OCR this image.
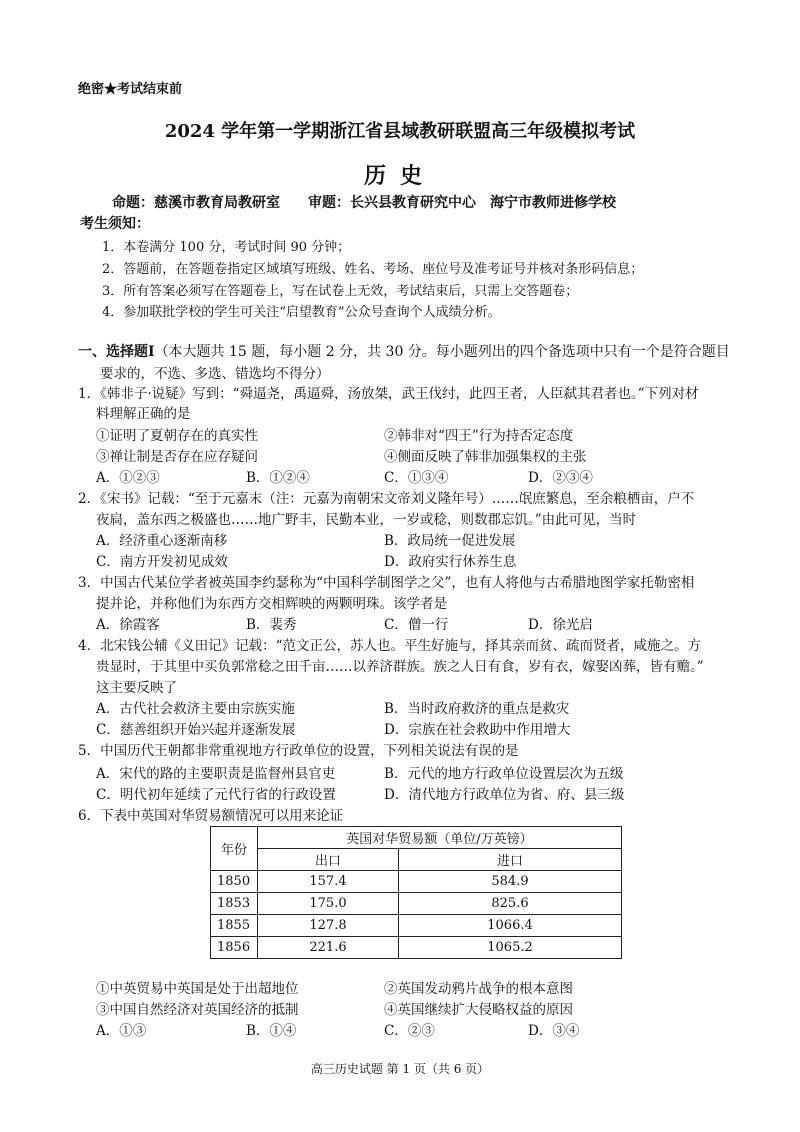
绝密★考试结束前
2024 学年第一学期浙江省县域教研联盟高三年级模拟考试
历史
命题：慈溪市教育局教研室　　审题：长兴县教育研究中心　海宁市教师进修学校
考生须知：
1．本卷满分 100 分，考试时间 90 分钟；
2．答题前，在答题卷指定区域填写班级、姓名、考场、座位号及准考证号并核对条形码信息；
3．所有答案必须写在答题卷上，写在试卷上无效，考试结束后，只需上交答题卷；
4．参加联批学校的学生可关注“启望教育”公众号查询个人成绩分析。
一、选择题Ⅰ（本大题共 15 题，每小题 2 分，共 30 分。每小题列出的四个备选项中只有一个是符合题目
要求的，不选、多选、错选均不得分）
1．《韩非子·说疑》写到：“舜逼尧，禹逼舜，汤放桀，武王伐纣，此四王者，人臣弑其君者也。”下列对材
料理解正确的是
①证明了夏朝存在的真实性	②韩非对“四王”行为持否定态度
③禅让制是否存在应存疑问	④侧面反映了韩非加强集权的主张
A．①②③	B．①②④	C．①③④	D．②③④
2．《宋书》记载：“至于元嘉末（注：元嘉为南朝宋文帝刘义隆年号）……氓庶繁息，至余粮栖亩，户不
夜扃，盖东西之极盛也……地广野丰，民勤本业，一岁或稔，则数郡忘饥。”由此可见，当时
A．经济重心逐渐南移	B．政局统一促进发展
C．南方开发初见成效	D．政府实行休养生息
3．中国古代某位学者被英国李约瑟称为“中国科学制图学之父”，也有人将他与古希腊地图学家托勒密相
提并论，并称他们为东西方交相辉映的两颗明珠。该学者是
A．徐霞客	B．裴秀	C．僧一行	D．徐光启
4．北宋钱公辅《义田记》记载：“范文正公，苏人也。平生好施与，择其亲而贫、疏而贤者，咸施之。方
贵显时，于其里中买负郭常稔之田千亩……以养济群族。族之人日有食，岁有衣，嫁娶凶葬，皆有赡。”
这主要反映了
A．古代社会救济主要由宗族实施	B．当时政府救济的重点是救灾
C．慈善组织开始兴起并逐渐发展	D．宗族在社会救助中作用增大
5．中国历代王朝都非常重视地方行政单位的设置，下列相关说法有误的是
A．宋代的路的主要职责是监督州县官吏	B．元代的地方行政单位设置层次为五级
C．明代初年延续了元代行省的行政设置	D．清代地方行政单位为省、府、县三级
6．下表中英国对华贸易额情况可以用来论证
年份	英国对华贸易额（单位/万英镑）	
	出口	进口
1850	157.4	584.9
1853	175.0	825.6
1855	127.8	1066.4
1856	221.6	1065.2
①中英贸易中英国是处于出超地位	②英国发动鸦片战争的根本意图
③中国自然经济对英国经济的抵制	④英国继续扩大侵略权益的原因
A．①③	B．①④	C．②③	D．③④
高三历史试题 第 1 页（共 6 页）
